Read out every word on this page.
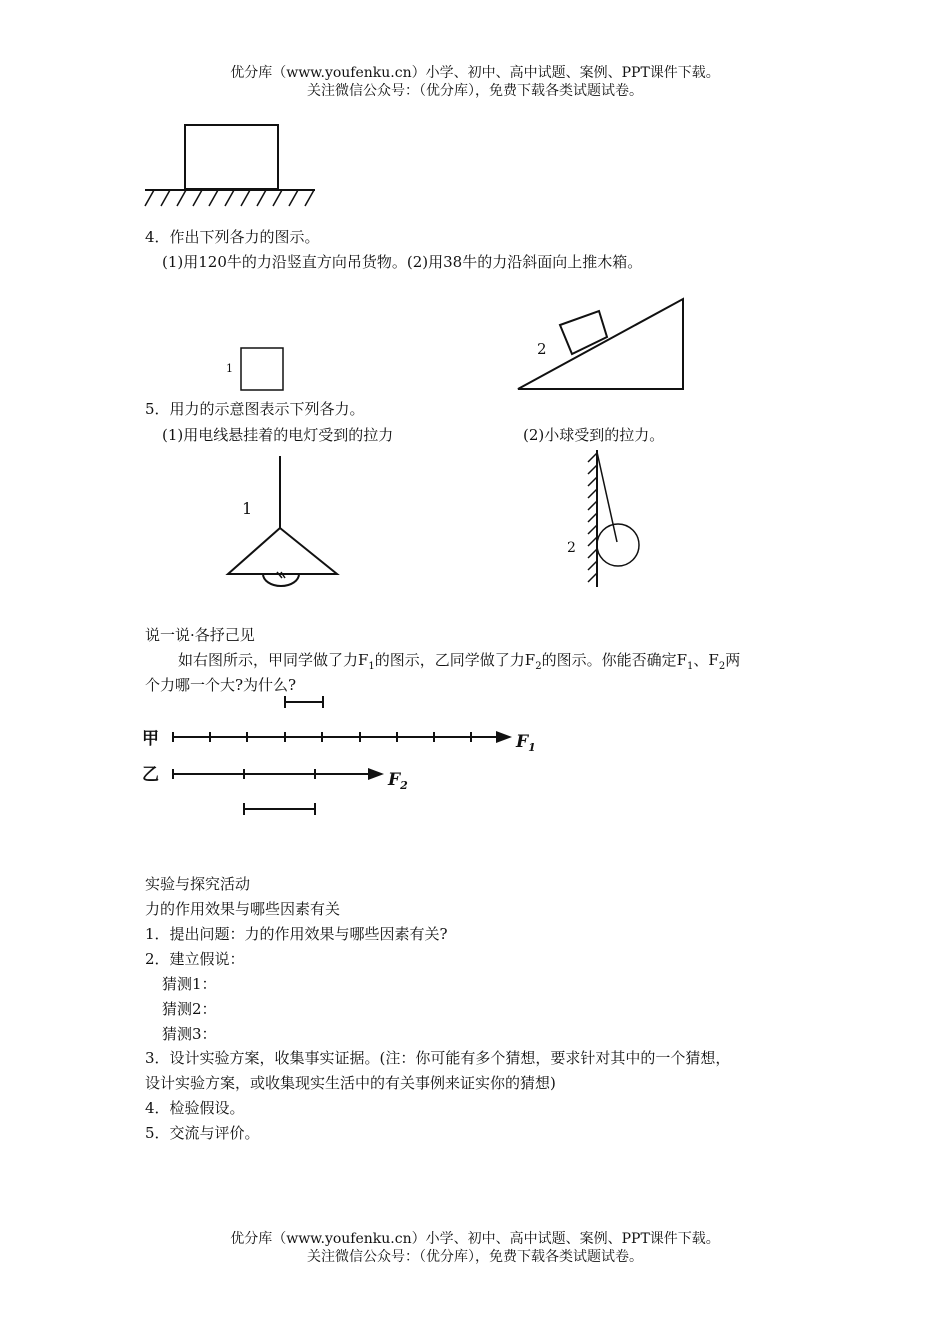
优分库（www.youfenku.cn）小学、初中、高中试题、案例、PPT课件下载。
关注微信公众号：（优分库），免费下载各类试题试卷。
4．作出下列各力的图示。
(1)用120牛的力沿竖直方向吊货物。(2)用38牛的力沿斜面向上推木箱。
1
2
5．用力的示意图表示下列各力。
(1)用电线悬挂着的电灯受到的拉力	(2)小球受到的拉力。
1
2
说一说·各抒己见
如右图所示，甲同学做了力$F_1$的图示，乙同学做了力$F_2$的图示。你能否确定$F_1$、$F_2$两
个力哪一个大?为什么?
甲	$F_1$
乙	$F_2$
实验与探究活动
力的作用效果与哪些因素有关
1．提出问题：力的作用效果与哪些因素有关?
2．建立假说：
猜测1：
猜测2：
猜测3：
3．设计实验方案，收集事实证据。(注：你可能有多个猜想，要求针对其中的一个猜想，
设计实验方案，或收集现实生活中的有关事例来证实你的猜想)
4．检验假设。
5．交流与评价。
优分库（www.youfenku.cn）小学、初中、高中试题、案例、PPT课件下载。
关注微信公众号：（优分库），免费下载各类试题试卷。
